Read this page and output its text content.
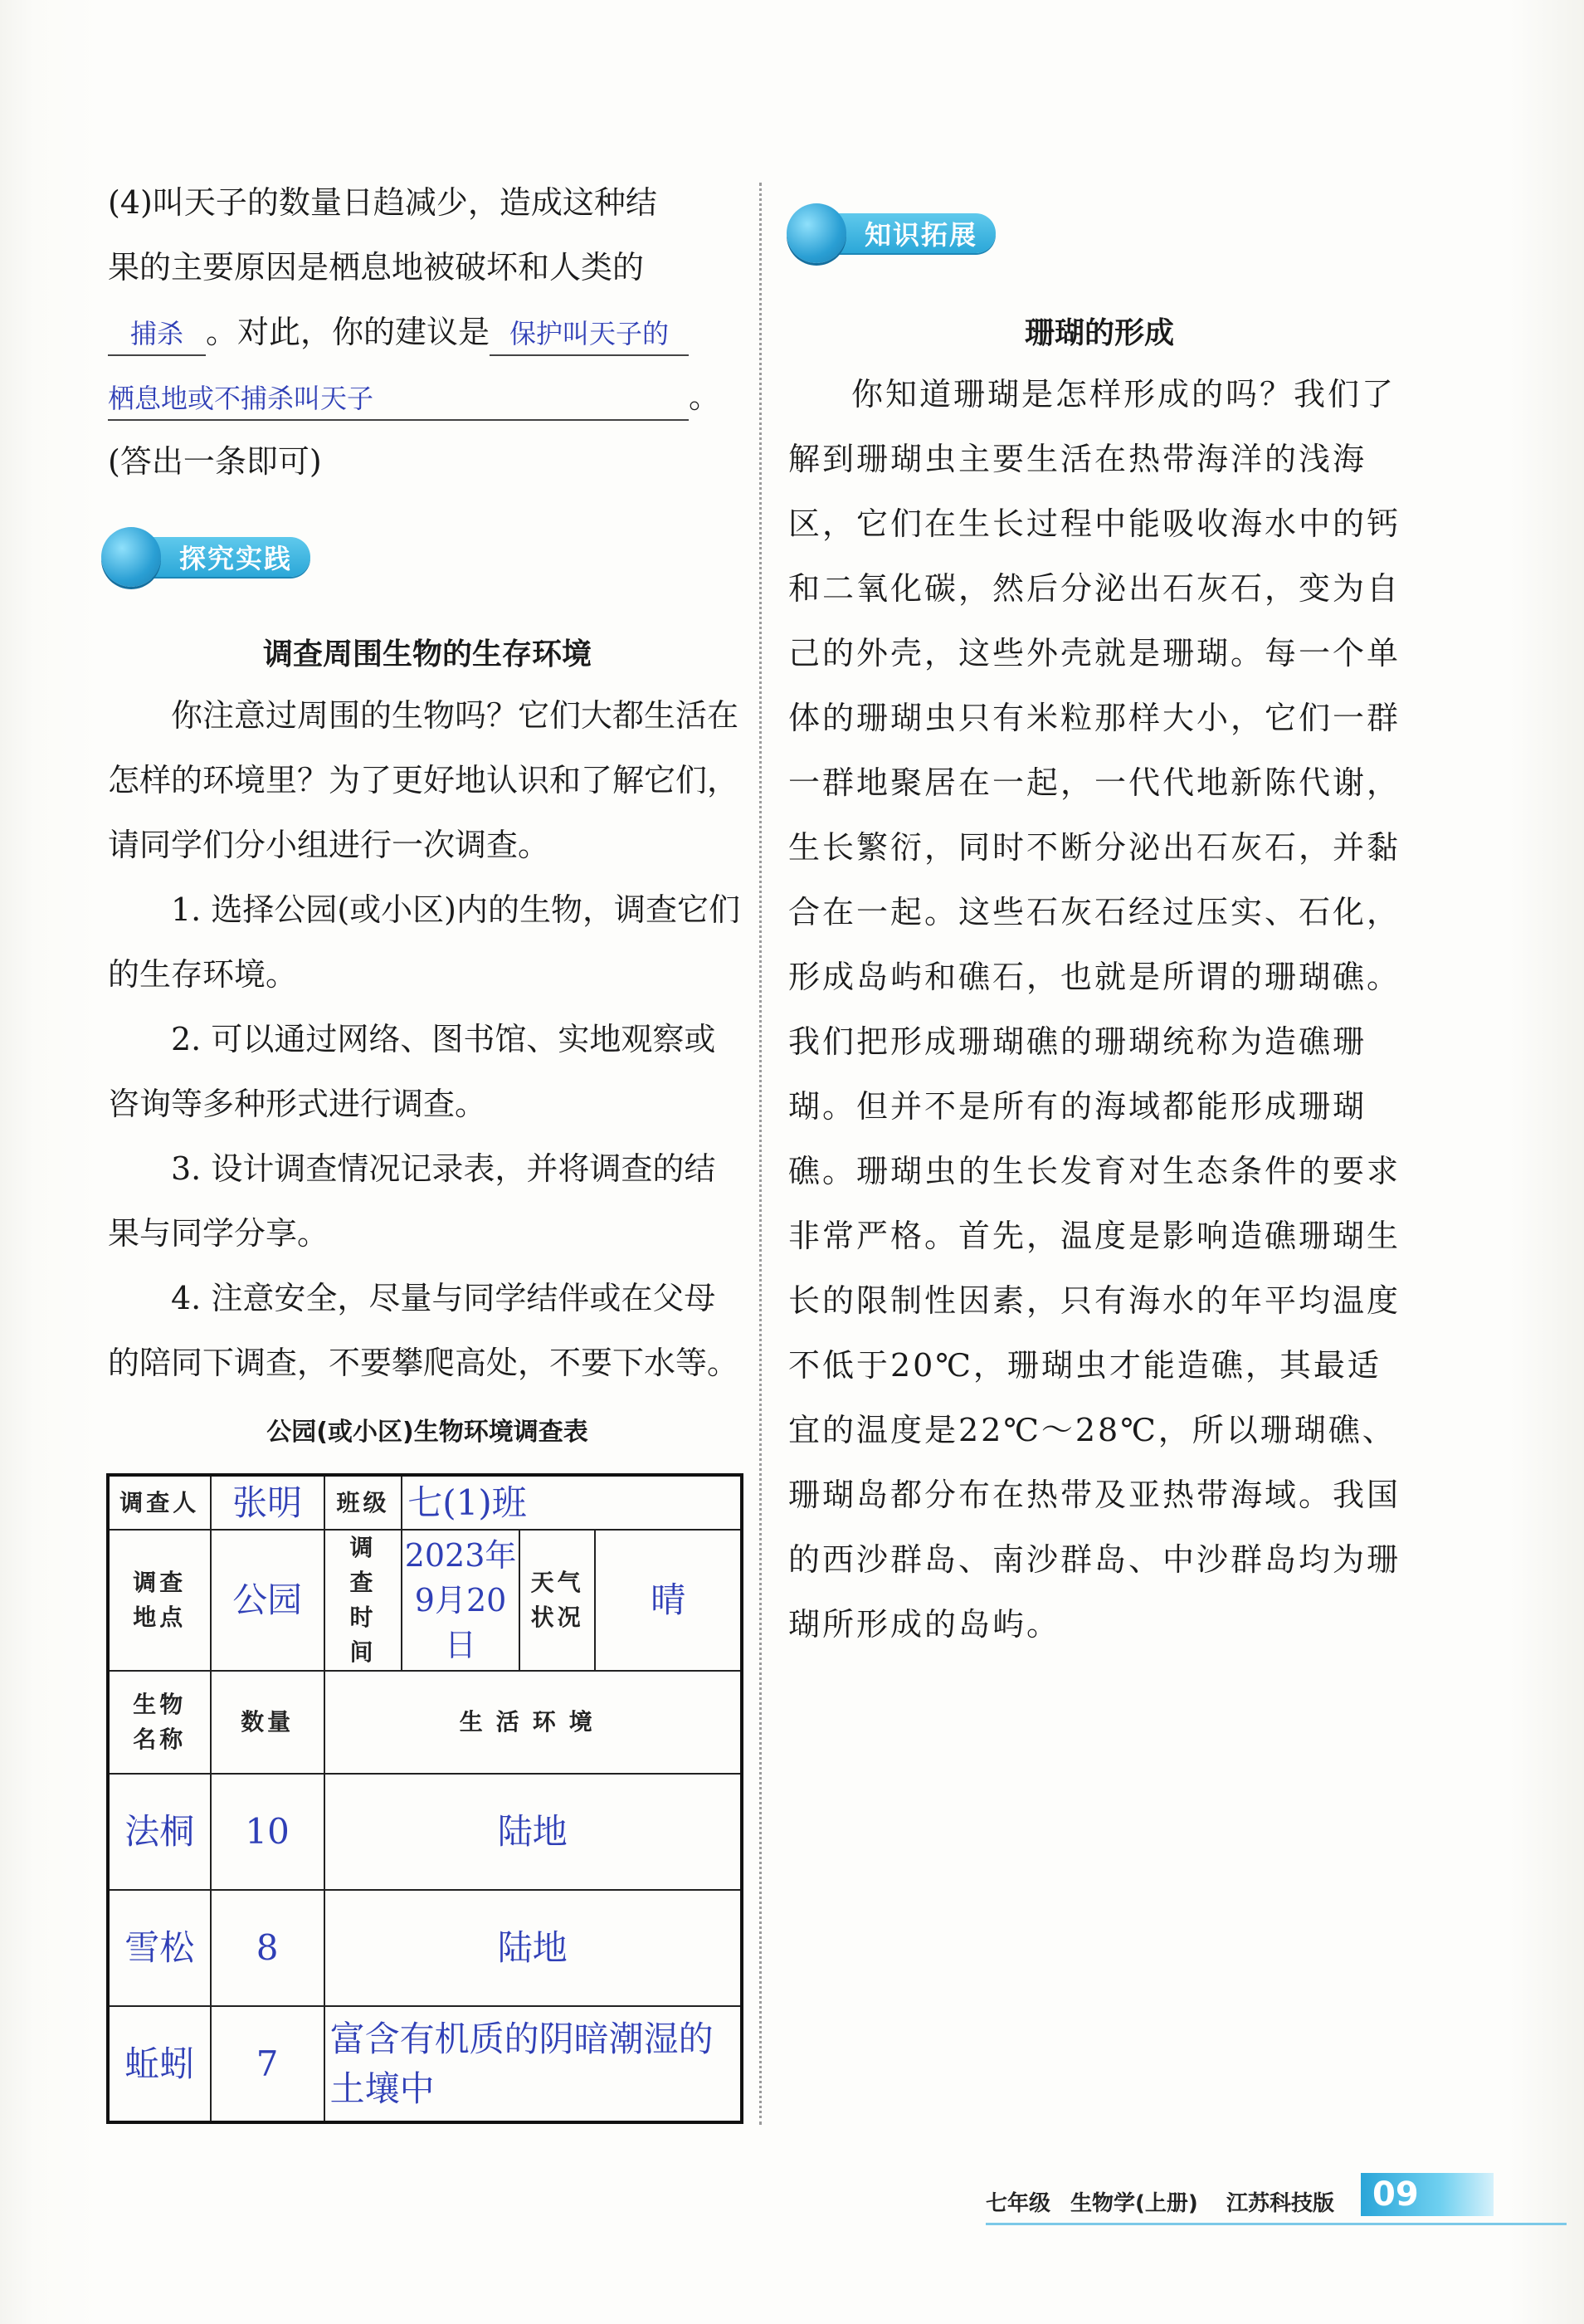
(4)叫天子的数量日趋减少，造成这种结

果的主要原因是栖息地被破坏和人类的

捕杀 。对此，你的建议是 保护叫天子的

栖息地或不捕杀叫天子	。

(答出一条即可)

探究实践
调查周围生物的生存环境

你注意过周围的生物吗？它们大都生活在怎样的环境里？为了更好地认识和了解它们，请同学们分小组进行一次调查。

1. 选择公园(或小区)内的生物，调查它们的生存环境。

2. 可以通过网络、图书馆、实地观察或咨询等多种形式进行调查。

3. 设计调查情况记录表，并将调查的结果与同学分享。

4. 注意安全，尽量与同学结伴或在父母的陪同下调查，不要攀爬高处，不要下水等。

公园(或小区)生物环境调查表
调查人	张明	班级	七(1)班		
调查地点	公园	调查时间	2023年9月20日	天气状况	晴
生物名称	数量	生活环境			
法桐	10	陆地			
雪松	8	陆地			
蚯蚓	7	富含有机质的阴暗潮湿的土壤中			
知识拓展
珊瑚的形成

你知道珊瑚是怎样形成的吗？我们了解到珊瑚虫主要生活在热带海洋的浅海区，它们在生长过程中能吸收海水中的钙和二氧化碳，然后分泌出石灰石，变为自己的外壳，这些外壳就是珊瑚。每一个单体的珊瑚虫只有米粒那样大小，它们一群一群地聚居在一起，一代代地新陈代谢，生长繁衍，同时不断分泌出石灰石，并黏合在一起。这些石灰石经过压实、石化，形成岛屿和礁石，也就是所谓的珊瑚礁。我们把形成珊瑚礁的珊瑚统称为造礁珊瑚。但并不是所有的海域都能形成珊瑚礁。珊瑚虫的生长发育对生态条件的要求非常严格。首先，温度是影响造礁珊瑚生长的限制性因素，只有海水的年平均温度不低于20℃，珊瑚虫才能造礁，其最适宜的温度是22℃～28℃，所以珊瑚礁、珊瑚岛都分布在热带及亚热带海域。我国的西沙群岛、南沙群岛、中沙群岛均为珊瑚所形成的岛屿。

七年级 生物学(上册) 江苏科技版	09
